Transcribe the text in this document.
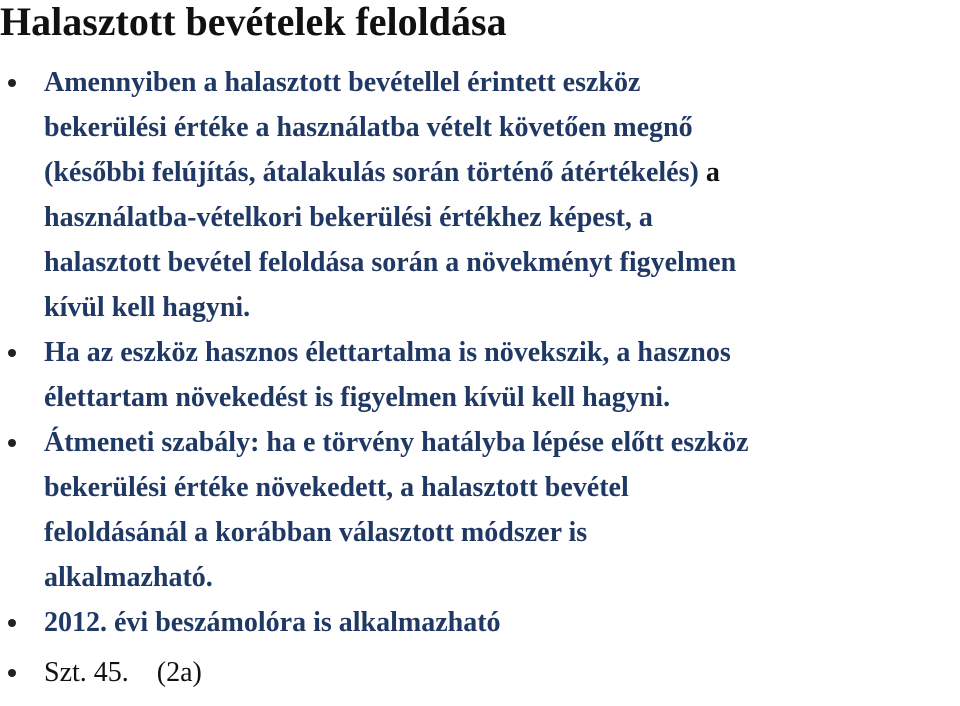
Halasztott bevételek feloldása
Amennyiben a halasztott bevétellel érintett eszköz
bekerülési értéke a használatba vételt követően megnő
(későbbi felújítás, átalakulás során történő átértékelés) a
használatba-vételkori bekerülési értékhez képest, a
halasztott bevétel feloldása során a növekményt figyelmen
kívül kell hagyni.
Ha az eszköz hasznos élettartalma is növekszik, a hasznos
élettartam növekedést is figyelmen kívül kell hagyni.
Átmeneti szabály: ha e törvény hatályba lépése előtt eszköz
bekerülési értéke növekedett, a halasztott bevétel
feloldásánál a korábban választott módszer is
alkalmazható.
2012. évi beszámolóra is alkalmazható
Szt. 45. (2a)
